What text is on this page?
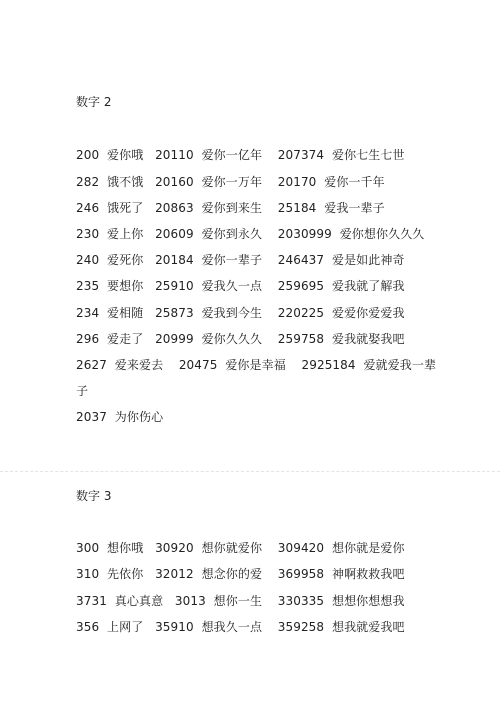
数字 2
200  爱你哦   20110  爱你一亿年    207374  爱你七生七世
282  饿不饿   20160  爱你一万年    20170  爱你一千年
246  饿死了   20863  爱你到来生    25184  爱我一辈子
230  爱上你   20609  爱你到永久    2030999  爱你想你久久久
240  爱死你   20184  爱你一辈子    246437  爱是如此神奇
235  要想你   25910  爱我久一点    259695  爱我就了解我
234  爱相随   25873  爱我到今生    220225  爱爱你爱爱我
296  爱走了   20999  爱你久久久    259758  爱我就娶我吧
2627  爱来爱去    20475  爱你是幸福    2925184  爱就爱我一辈
子
2037  为你伤心
数字 3
300  想你哦   30920  想你就爱你    309420  想你就是爱你
310  先依你   32012  想念你的爱    369958  神啊救救我吧
3731  真心真意   3013  想你一生    330335  想想你想想我
356  上网了   35910  想我久一点    359258  想我就爱我吧
